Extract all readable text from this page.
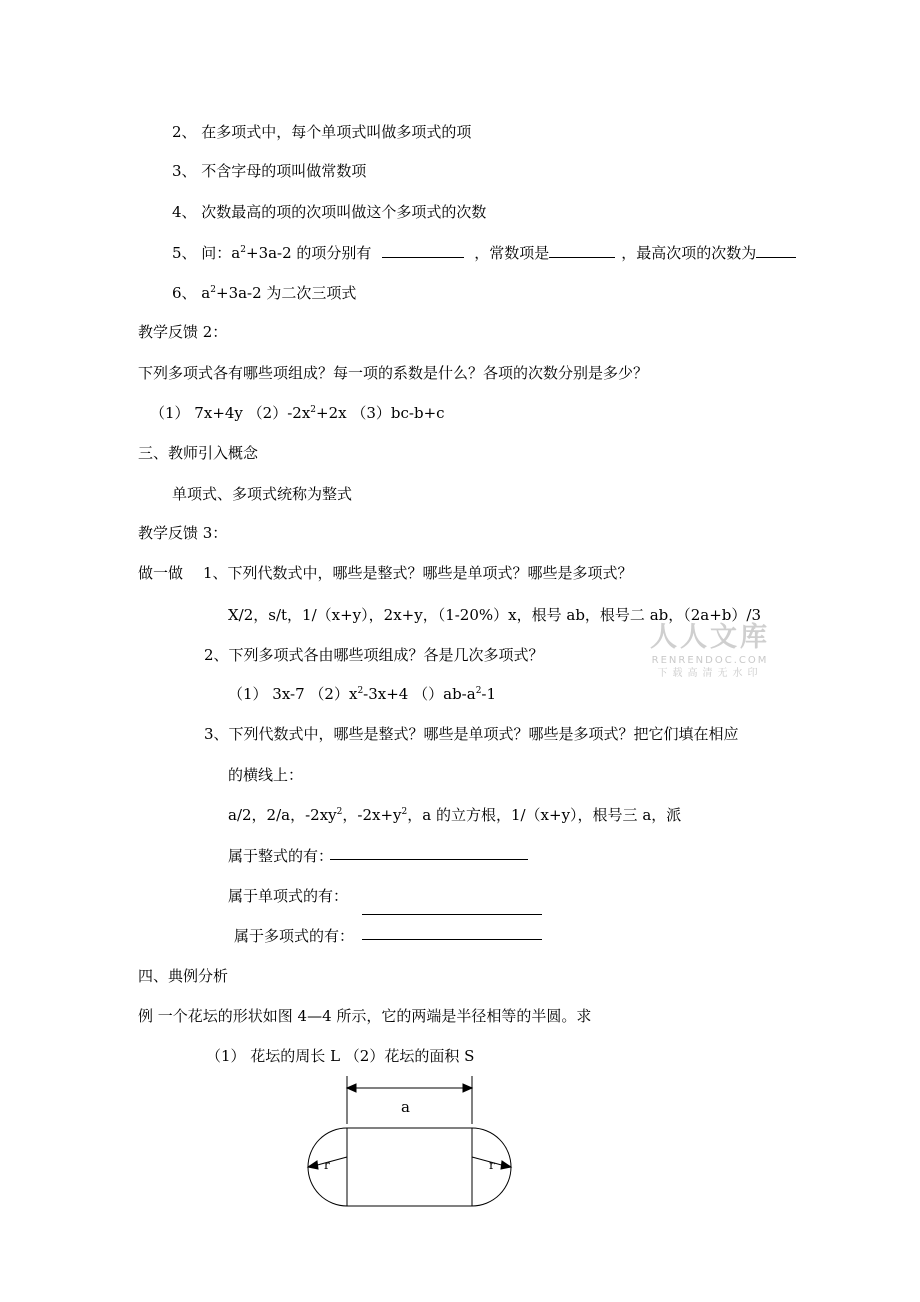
2、 在多项式中，每个单项式叫做多项式的项
3、 不含字母的项叫做常数项
4、 次数最高的项的次项叫做这个多项式的次数
5、 问：$a^2+3a-2$ 的项分别有	，常数项是	，最高次项的次数为
6、 $a^2+3a-2$ 为二次三项式
教学反馈 2：
下列多项式各有哪些项组成？每一项的系数是什么？各项的次数分别是多少？
（1） 7x+4y $(2)-2x^2+2x$ （3）bc-b+c
三、教师引入概念
单项式、多项式统称为整式
教学反馈 3：
做一做 1、下列代数式中，哪些是整式？哪些是单项式？哪些是多项式？
X/2，s/t，1/（x+y），2x+y，（1-20%）x，根号 ab，根号二 ab，（2a+b）/3
2、下列多项式各由哪些项组成？各是几次多项式？
（1） 3x-7 $(2)x^2-3x+4$ $()ab-a^2-1$
3、下列代数式中，哪些是整式？哪些是单项式？哪些是多项式？把它们填在相应
的横线上：
a/2，2/a，$-2xy^2$，$-2x+y^2$，a 的立方根，1/（x+y），根号三 a，派
属于整式的有：
属于单项式的有：
属于多项式的有：
四、典例分析
例 一个花坛的形状如图 4—4 所示，它的两端是半径相等的半圆。求
（1） 花坛的周长 L （2）花坛的面积 S
a
r	r
人人文库
RENRENDOC.COM
下载高清无水印
